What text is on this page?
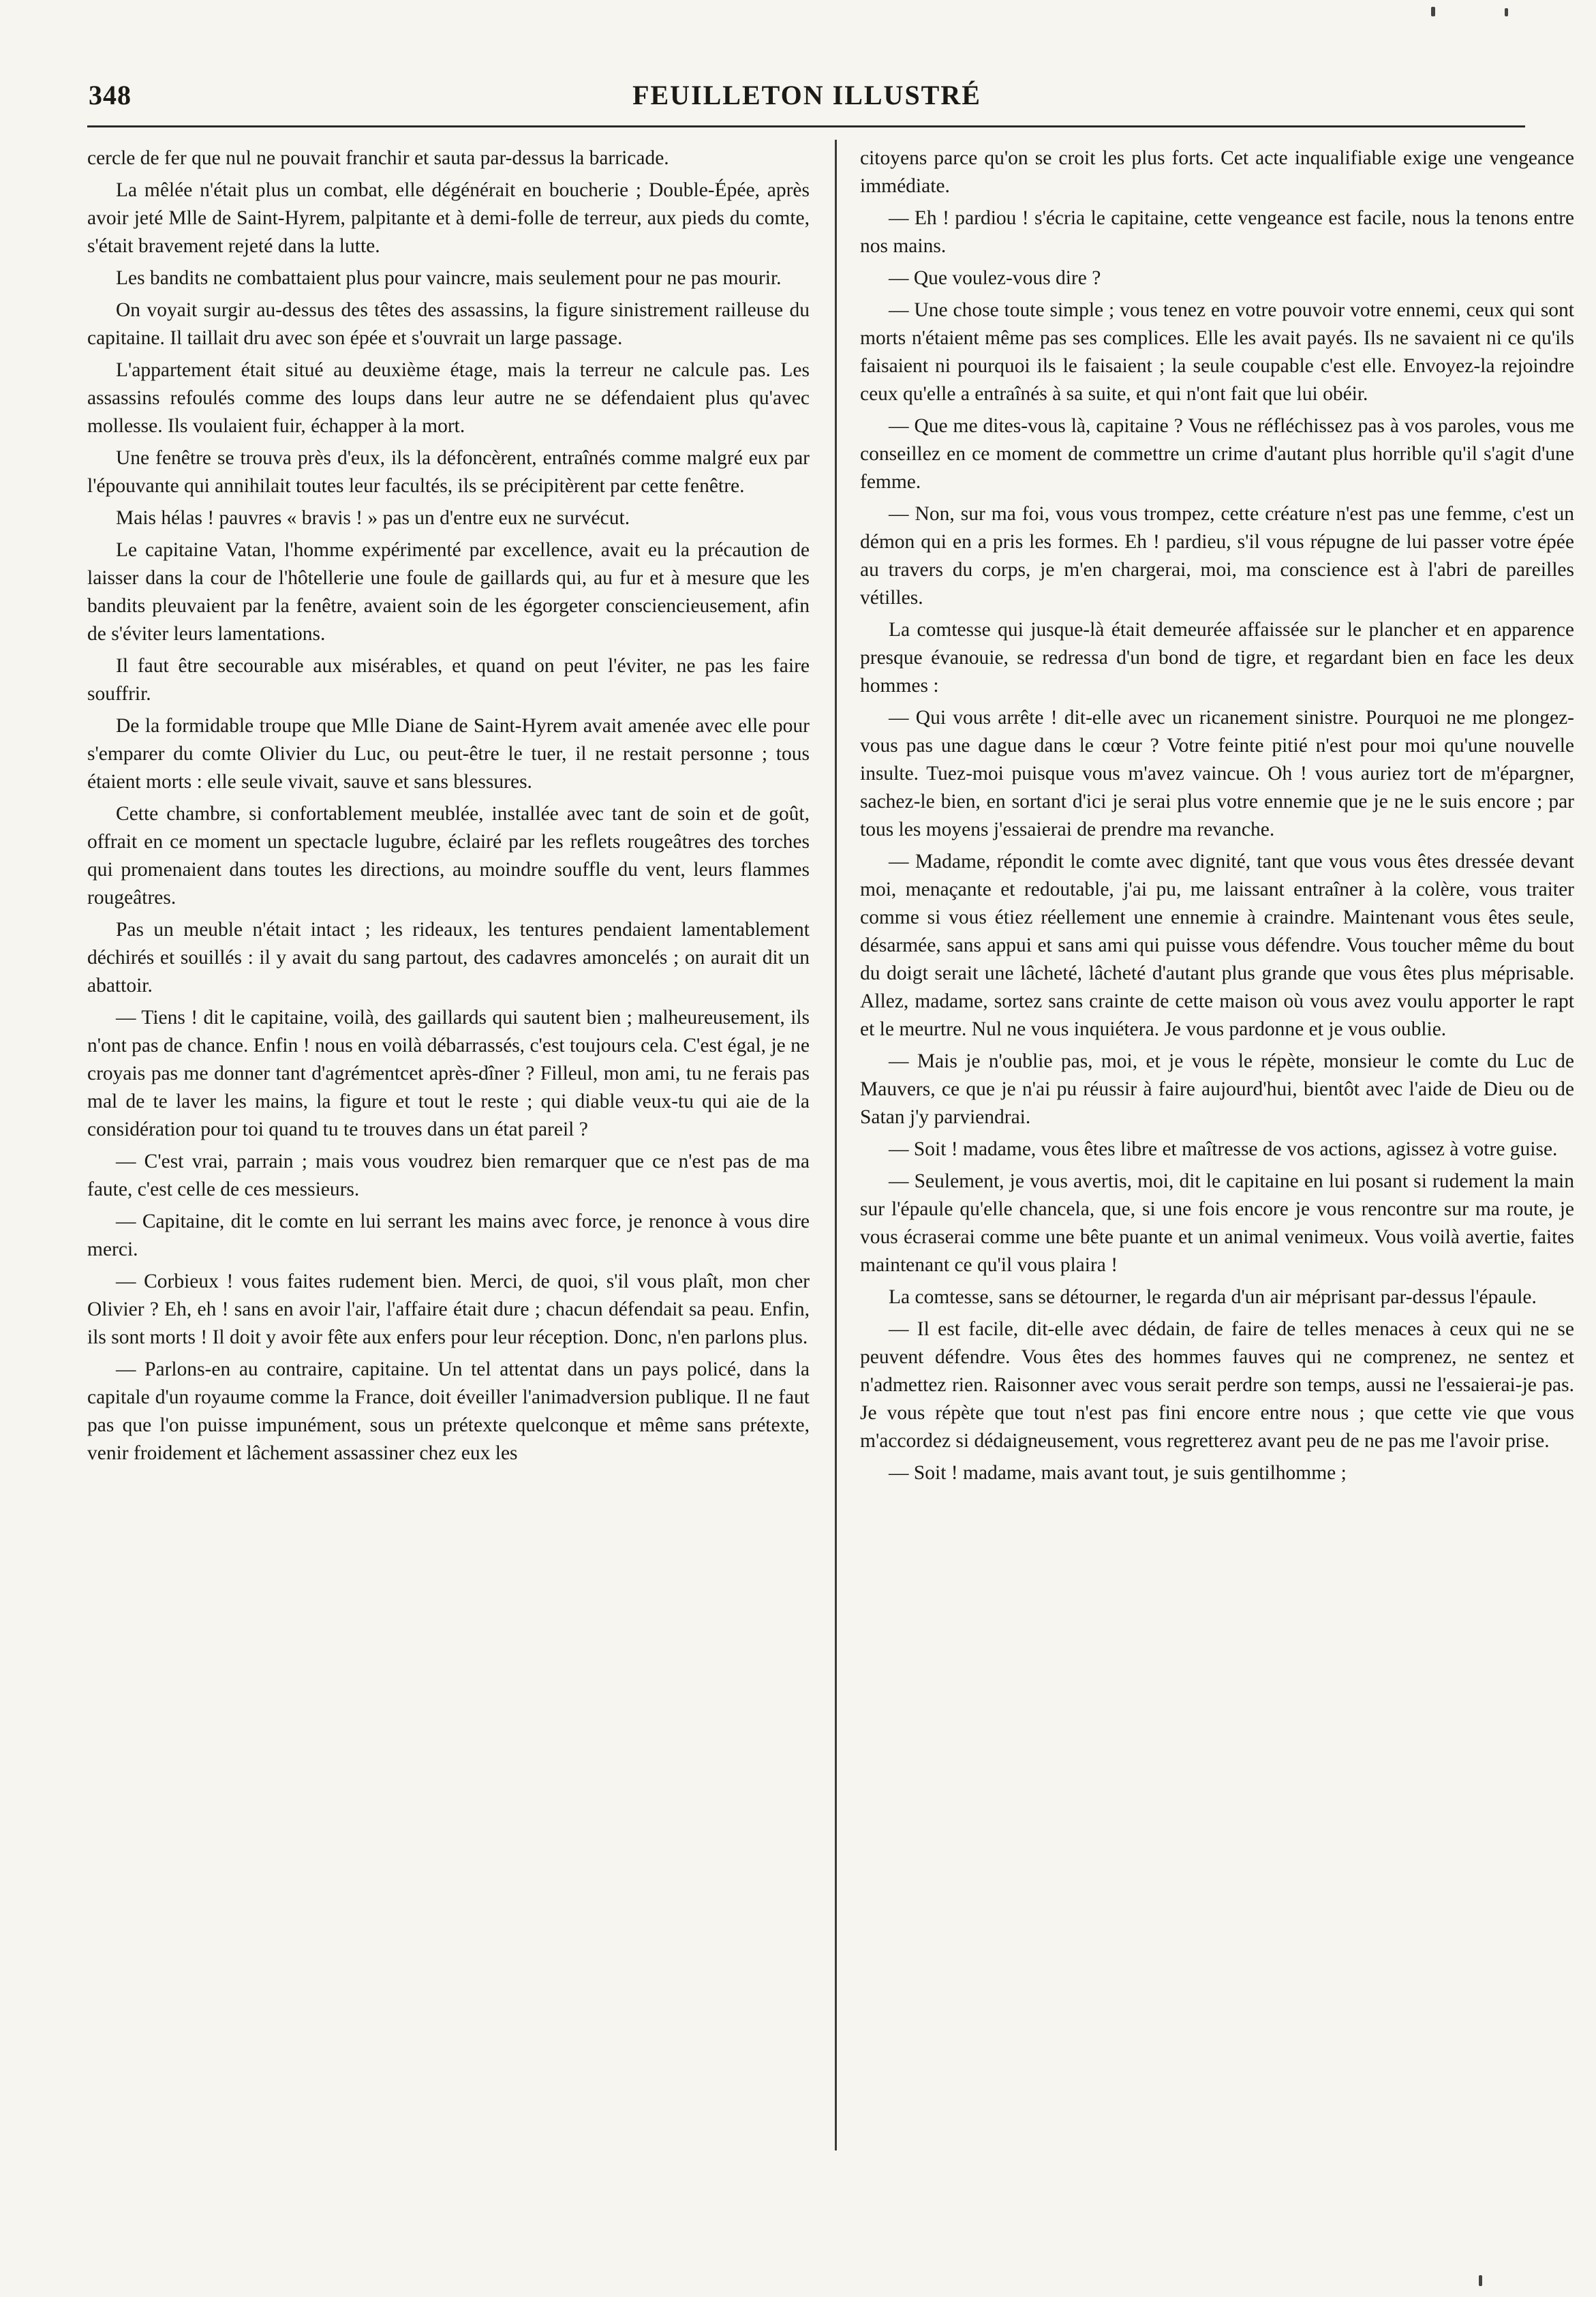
348	FEUILLETON ILLUSTRÉ

cercle de fer que nul ne pouvait franchir et sauta par-dessus la barricade.

La mêlée n'était plus un combat, elle dégénérait en boucherie ; Double-Épée, après avoir jeté Mlle de Saint-Hyrem, palpitante et à demi-folle de terreur, aux pieds du comte, s'était bravement rejeté dans la lutte.

Les bandits ne combattaient plus pour vaincre, mais seulement pour ne pas mourir.

On voyait surgir au-dessus des têtes des assassins, la figure sinistrement railleuse du capitaine. Il taillait dru avec son épée et s'ouvrait un large passage.

L'appartement était situé au deuxième étage, mais la terreur ne calcule pas. Les assassins refoulés comme des loups dans leur autre ne se défendaient plus qu'avec mollesse. Ils voulaient fuir, échapper à la mort.

Une fenêtre se trouva près d'eux, ils la défoncèrent, entraînés comme malgré eux par l'épouvante qui annihilait toutes leur facultés, ils se précipitèrent par cette fenêtre.

Mais hélas ! pauvres « bravis ! » pas un d'entre eux ne survécut.

Le capitaine Vatan, l'homme expérimenté par excellence, avait eu la précaution de laisser dans la cour de l'hôtellerie une foule de gaillards qui, au fur et à mesure que les bandits pleuvaient par la fenêtre, avaient soin de les égorgeter consciencieusement, afin de s'éviter leurs lamentations.

Il faut être secourable aux misérables, et quand on peut l'éviter, ne pas les faire souffrir.

De la formidable troupe que Mlle Diane de Saint-Hyrem avait amenée avec elle pour s'emparer du comte Olivier du Luc, ou peut-être le tuer, il ne restait personne ; tous étaient morts : elle seule vivait, sauve et sans blessures.

Cette chambre, si confortablement meublée, installée avec tant de soin et de goût, offrait en ce moment un spectacle lugubre, éclairé par les reflets rougeâtres des torches qui promenaient dans toutes les directions, au moindre souffle du vent, leurs flammes rougeâtres.

Pas un meuble n'était intact ; les rideaux, les tentures pendaient lamentablement déchirés et souillés : il y avait du sang partout, des cadavres amoncelés ; on aurait dit un abattoir.

— Tiens ! dit le capitaine, voilà, des gaillards qui sautent bien ; malheureusement, ils n'ont pas de chance. Enfin ! nous en voilà débarrassés, c'est toujours cela. C'est égal, je ne croyais pas me donner tant d'agrémentcet après-dîner ? Filleul, mon ami, tu ne ferais pas mal de te laver les mains, la figure et tout le reste ; qui diable veux-tu qui aie de la considération pour toi quand tu te trouves dans un état pareil ?

— C'est vrai, parrain ; mais vous voudrez bien remarquer que ce n'est pas de ma faute, c'est celle de ces messieurs.

— Capitaine, dit le comte en lui serrant les mains avec force, je renonce à vous dire merci.

— Corbieux ! vous faites rudement bien. Merci, de quoi, s'il vous plaît, mon cher Olivier ? Eh, eh ! sans en avoir l'air, l'affaire était dure ; chacun défendait sa peau. Enfin, ils sont morts ! Il doit y avoir fête aux enfers pour leur réception. Donc, n'en parlons plus.

— Parlons-en au contraire, capitaine. Un tel attentat dans un pays policé, dans la capitale d'un royaume comme la France, doit éveiller l'animadversion publique. Il ne faut pas que l'on puisse impunément, sous un prétexte quelconque et même sans prétexte, venir froidement et lâchement assassiner chez eux les

citoyens parce qu'on se croit les plus forts. Cet acte inqualifiable exige une vengeance immédiate.

— Eh ! pardiou ! s'écria le capitaine, cette vengeance est facile, nous la tenons entre nos mains.

— Que voulez-vous dire ?

— Une chose toute simple ; vous tenez en votre pouvoir votre ennemi, ceux qui sont morts n'étaient même pas ses complices. Elle les avait payés. Ils ne savaient ni ce qu'ils faisaient ni pourquoi ils le faisaient ; la seule coupable c'est elle. Envoyez-la rejoindre ceux qu'elle a entraînés à sa suite, et qui n'ont fait que lui obéir.

— Que me dites-vous là, capitaine ? Vous ne réfléchissez pas à vos paroles, vous me conseillez en ce moment de commettre un crime d'autant plus horrible qu'il s'agit d'une femme.

— Non, sur ma foi, vous vous trompez, cette créature n'est pas une femme, c'est un démon qui en a pris les formes. Eh ! pardieu, s'il vous répugne de lui passer votre épée au travers du corps, je m'en chargerai, moi, ma conscience est à l'abri de pareilles vétilles.

La comtesse qui jusque-là était demeurée affaissée sur le plancher et en apparence presque évanouie, se redressa d'un bond de tigre, et regardant bien en face les deux hommes :

— Qui vous arrête ! dit-elle avec un ricanement sinistre. Pourquoi ne me plongez-vous pas une dague dans le cœur ? Votre feinte pitié n'est pour moi qu'une nouvelle insulte. Tuez-moi puisque vous m'avez vaincue. Oh ! vous auriez tort de m'épargner, sachez-le bien, en sortant d'ici je serai plus votre ennemie que je ne le suis encore ; par tous les moyens j'essaierai de prendre ma revanche.

— Madame, répondit le comte avec dignité, tant que vous vous êtes dressée devant moi, menaçante et redoutable, j'ai pu, me laissant entraîner à la colère, vous traiter comme si vous étiez réellement une ennemie à craindre. Maintenant vous êtes seule, désarmée, sans appui et sans ami qui puisse vous défendre. Vous toucher même du bout du doigt serait une lâcheté, lâcheté d'autant plus grande que vous êtes plus méprisable. Allez, madame, sortez sans crainte de cette maison où vous avez voulu apporter le rapt et le meurtre. Nul ne vous inquiétera. Je vous pardonne et je vous oublie.

— Mais je n'oublie pas, moi, et je vous le répète, monsieur le comte du Luc de Mauvers, ce que je n'ai pu réussir à faire aujourd'hui, bientôt avec l'aide de Dieu ou de Satan j'y parviendrai.

— Soit ! madame, vous êtes libre et maîtresse de vos actions, agissez à votre guise.

— Seulement, je vous avertis, moi, dit le capitaine en lui posant si rudement la main sur l'épaule qu'elle chancela, que, si une fois encore je vous rencontre sur ma route, je vous écraserai comme une bête puante et un animal venimeux. Vous voilà avertie, faites maintenant ce qu'il vous plaira !

La comtesse, sans se détourner, le regarda d'un air méprisant par-dessus l'épaule.

— Il est facile, dit-elle avec dédain, de faire de telles menaces à ceux qui ne se peuvent défendre. Vous êtes des hommes fauves qui ne comprenez, ne sentez et n'admettez rien. Raisonner avec vous serait perdre son temps, aussi ne l'essaierai-je pas. Je vous répète que tout n'est pas fini encore entre nous ; que cette vie que vous m'accordez si dédaigneusement, vous regretterez avant peu de ne pas me l'avoir prise.

— Soit ! madame, mais avant tout, je suis gentilhomme ;
